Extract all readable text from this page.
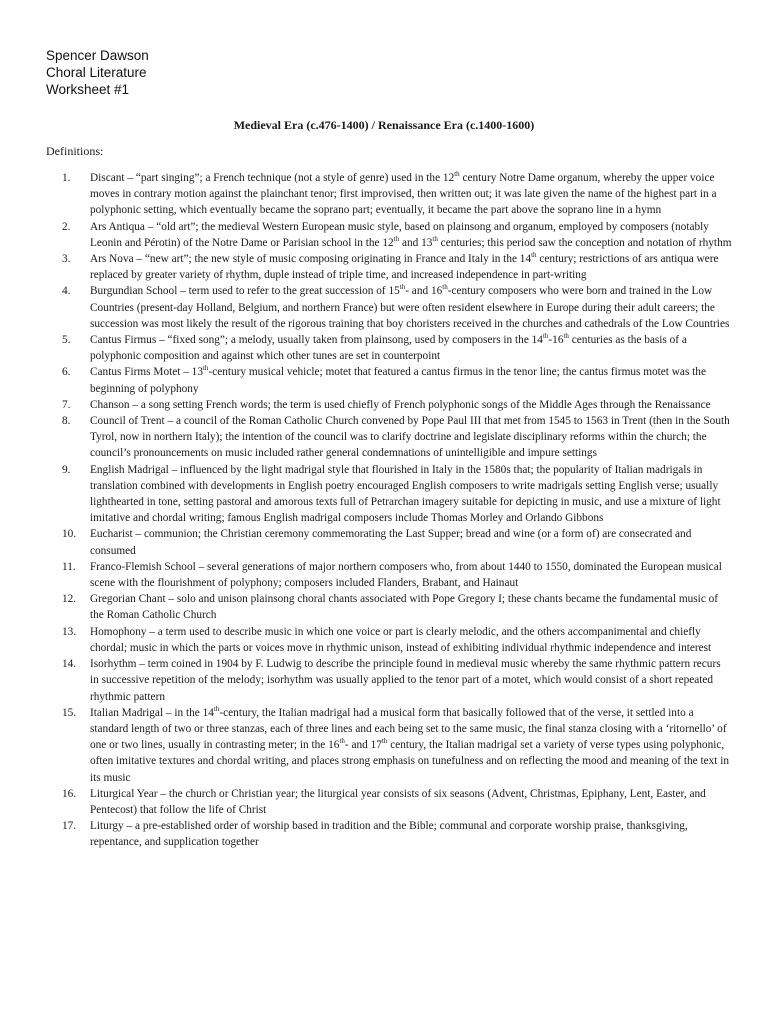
Spencer Dawson
Choral Literature
Worksheet #1
Medieval Era (c.476-1400) / Renaissance Era (c.1400-1600)
Definitions:
1.	Discant – “part singing”; a French technique (not a style of genre) used in the 12th century Notre Dame organum, whereby the upper voice moves in contrary motion against the plainchant tenor; first improvised, then written out; it was late given the name of the highest part in a polyphonic setting, which eventually became the soprano part; eventually, it became the part above the soprano line in a hymn
2.	Ars Antiqua – “old art”; the medieval Western European music style, based on plainsong and organum, employed by composers (notably Leonin and Pérotin) of the Notre Dame or Parisian school in the 12th and 13th centuries; this period saw the conception and notation of rhythm
3.	Ars Nova – “new art”; the new style of music composing originating in France and Italy in the 14th century; restrictions of ars antiqua were replaced by greater variety of rhythm, duple instead of triple time, and increased independence in part-writing
4.	Burgundian School – term used to refer to the great succession of 15th- and 16th-century composers who were born and trained in the Low Countries (present-day Holland, Belgium, and northern France) but were often resident elsewhere in Europe during their adult careers; the succession was most likely the result of the rigorous training that boy choristers received in the churches and cathedrals of the Low Countries
5.	Cantus Firmus – “fixed song”; a melody, usually taken from plainsong, used by composers in the 14th-16th centuries as the basis of a polyphonic composition and against which other tunes are set in counterpoint
6.	Cantus Firms Motet – 13th-century musical vehicle; motet that featured a cantus firmus in the tenor line; the cantus firmus motet was the beginning of polyphony
7.	Chanson – a song setting French words; the term is used chiefly of French polyphonic songs of the Middle Ages through the Renaissance
8.	Council of Trent – a council of the Roman Catholic Church convened by Pope Paul III that met from 1545 to 1563 in Trent (then in the South Tyrol, now in northern Italy); the intention of the council was to clarify doctrine and legislate disciplinary reforms within the church; the council’s pronouncements on music included rather general condemnations of unintelligible and impure settings
9.	English Madrigal – influenced by the light madrigal style that flourished in Italy in the 1580s that; the popularity of Italian madrigals in translation combined with developments in English poetry encouraged English composers to write madrigals setting English verse; usually lighthearted in tone, setting pastoral and amorous texts full of Petrarchan imagery suitable for depicting in music, and use a mixture of light imitative and chordal writing; famous English madrigal composers include Thomas Morley and Orlando Gibbons
10.	Eucharist – communion; the Christian ceremony commemorating the Last Supper; bread and wine (or a form of) are consecrated and consumed
11.	Franco-Flemish School – several generations of major northern composers who, from about 1440 to 1550, dominated the European musical scene with the flourishment of polyphony; composers included Flanders, Brabant, and Hainaut
12.	Gregorian Chant – solo and unison plainsong choral chants associated with Pope Gregory I; these chants became the fundamental music of the Roman Catholic Church
13.	Homophony – a term used to describe music in which one voice or part is clearly melodic, and the others accompanimental and chiefly chordal; music in which the parts or voices move in rhythmic unison, instead of exhibiting individual rhythmic independence and interest
14.	Isorhythm – term coined in 1904 by F. Ludwig to describe the principle found in medieval music whereby the same rhythmic pattern recurs in successive repetition of the melody; isorhythm was usually applied to the tenor part of a motet, which would consist of a short repeated rhythmic pattern
15.	Italian Madrigal – in the 14th-century, the Italian madrigal had a musical form that basically followed that of the verse, it settled into a standard length of two or three stanzas, each of three lines and each being set to the same music, the final stanza closing with a ‘ritornello’ of one or two lines, usually in contrasting meter; in the 16th- and 17th century, the Italian madrigal set a variety of verse types using polyphonic, often imitative textures and chordal writing, and places strong emphasis on tunefulness and on reflecting the mood and meaning of the text in its music
16.	Liturgical Year – the church or Christian year; the liturgical year consists of six seasons (Advent, Christmas, Epiphany, Lent, Easter, and Pentecost) that follow the life of Christ
17.	Liturgy – a pre-established order of worship based in tradition and the Bible; communal and corporate worship praise, thanksgiving, repentance, and supplication together
